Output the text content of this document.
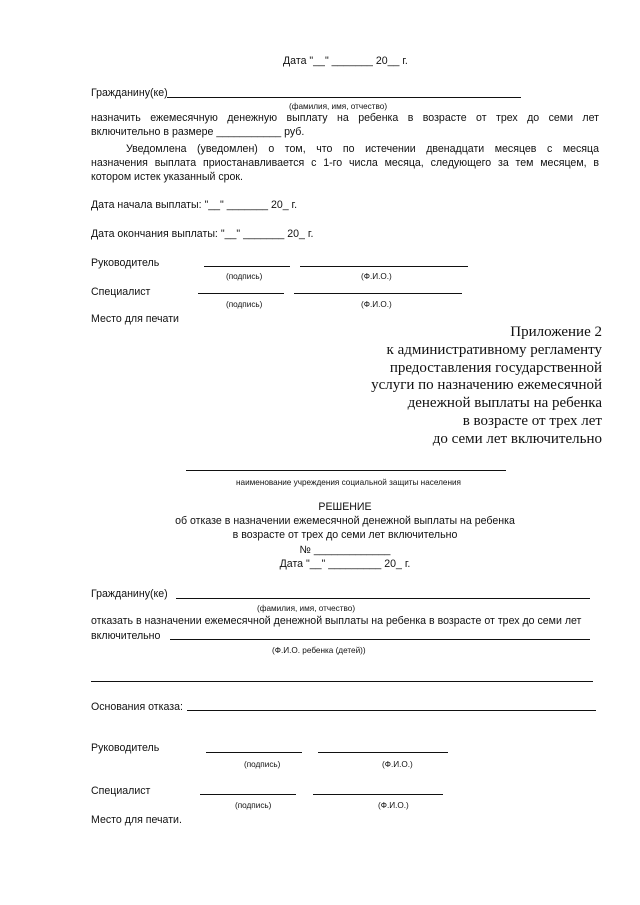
Дата "__" _______ 20__ г.
Гражданину(ке)
(фамилия, имя, отчество)
назначить ежемесячную денежную выплату на ребенка в возрасте от трех до семи лет
включительно в размере ___________ руб.
Уведомлена (уведомлен) о том, что по истечении двенадцати месяцев с месяца
назначения выплата приостанавливается с 1-го числа месяца, следующего за тем месяцем, в
котором истек указанный срок.
Дата начала выплаты: "__" _______ 20_ г.
Дата окончания выплаты: "__" _______ 20_ г.
Руководитель
(подпись)	(Ф.И.О.)
Специалист
(подпись)	(Ф.И.О.)
Место для печати
Приложение 2
к административному регламенту
предоставления государственной
услуги по назначению ежемесячной
денежной выплаты на ребенка
в возрасте от трех лет
до семи лет включительно
наименование учреждения социальной защиты населения
РЕШЕНИЕ
об отказе в назначении ежемесячной денежной выплаты на ребенка
в возрасте от трех до семи лет включительно
№ _____________
Дата "__" _________ 20_ г.
Гражданину(ке)
(фамилия, имя, отчество)
отказать в назначении ежемесячной денежной выплаты на ребенка в возрасте от трех до семи лет
включительно
(Ф.И.О. ребенка (детей))
Основания отказа:
Руководитель
(подпись)	(Ф.И.О.)
Специалист
(подпись)	(Ф.И.О.)
Место для печати.
